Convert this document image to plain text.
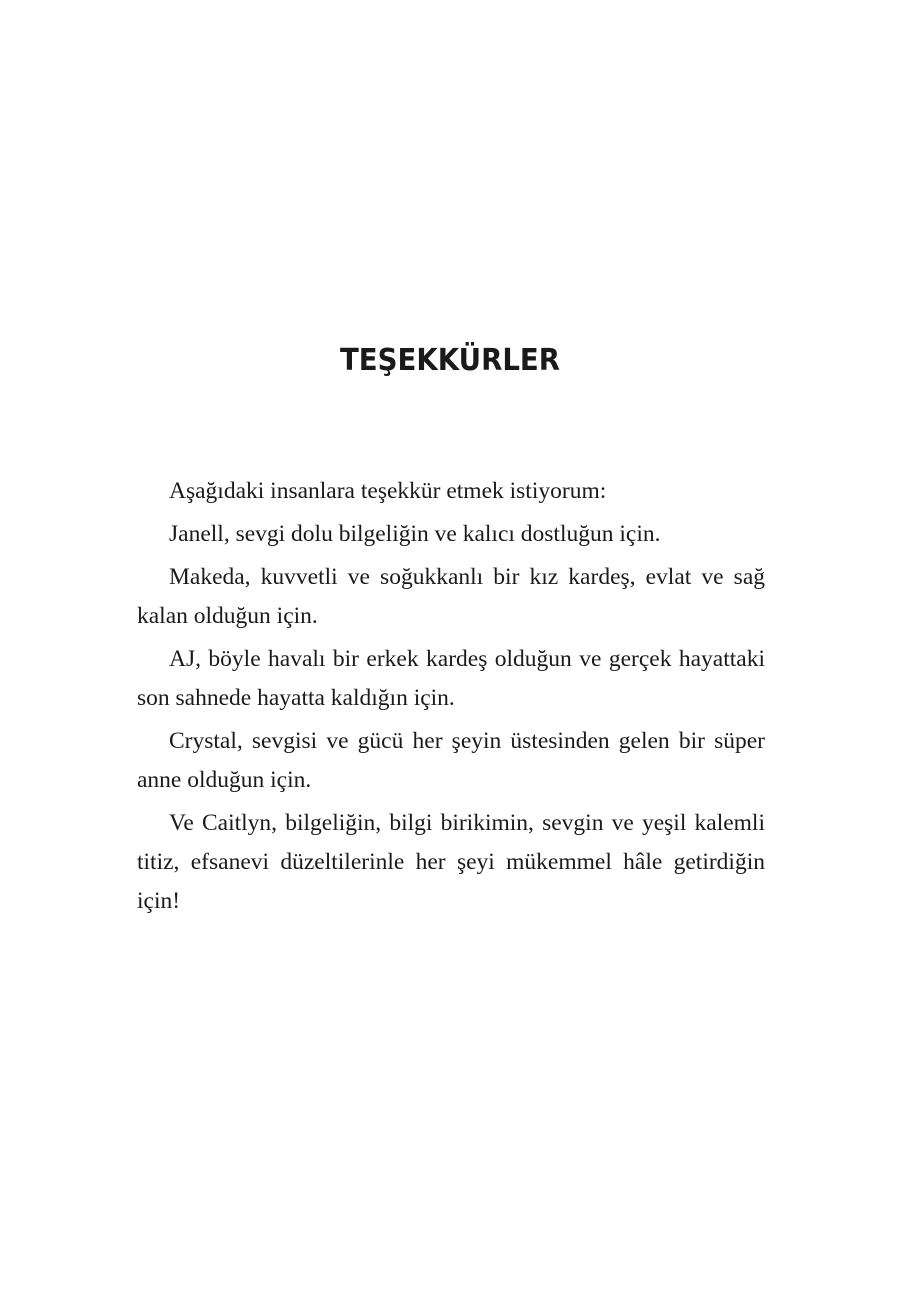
TEŞEKKÜRLER

Aşağıdaki insanlara teşekkür etmek istiyorum:

Janell, sevgi dolu bilgeliğin ve kalıcı dostluğun için.

Makeda, kuvvetli ve soğukkanlı bir kız kardeş, evlat ve sağ kalan olduğun için.

AJ, böyle havalı bir erkek kardeş olduğun ve gerçek hayattaki son sahnede hayatta kaldığın için.

Crystal, sevgisi ve gücü her şeyin üstesinden gelen bir süper anne olduğun için.

Ve Caitlyn, bilgeliğin, bilgi birikimin, sevgin ve yeşil kalemli titiz, efsanevi düzeltilerinle her şeyi mükemmel hâle getirdiğin için!
